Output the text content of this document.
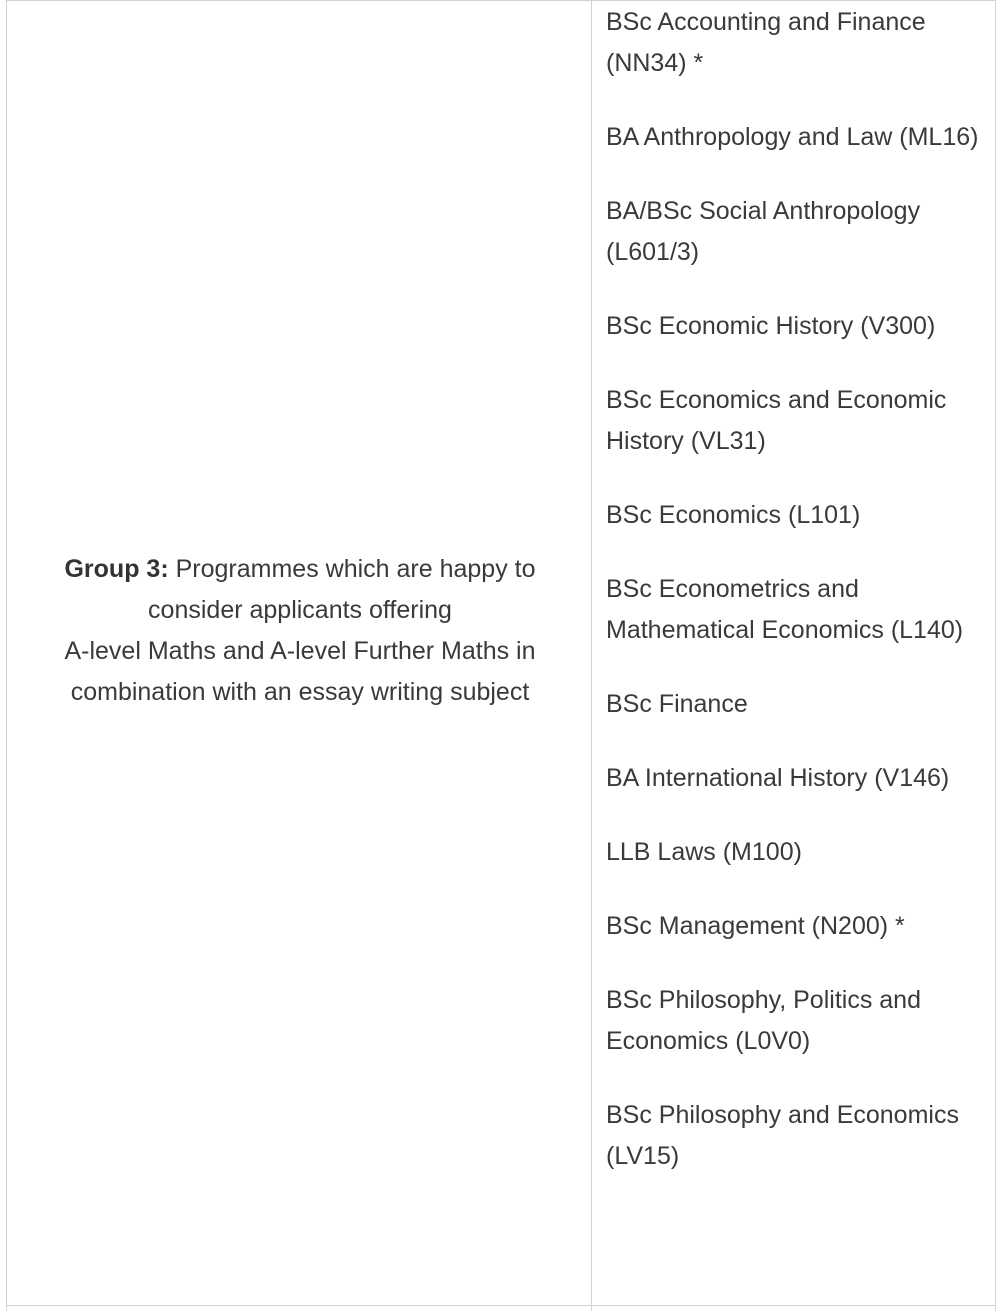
Group 3: Programmes which are happy to consider applicants offering
A-level Maths and A-level Further Maths in combination with an essay writing subject
BSc Accounting and Finance (NN34) *
BA Anthropology and Law (ML16)
BA/BSc Social Anthropology (L601/3)
BSc Economic History (V300)
BSc Economics and Economic History (VL31)
BSc Economics (L101)
BSc Econometrics and Mathematical Economics (L140)
BSc Finance
BA International History (V146)
LLB Laws (M100)
BSc Management (N200) *
BSc Philosophy, Politics and Economics (L0V0)
BSc Philosophy and Economics (LV15)
